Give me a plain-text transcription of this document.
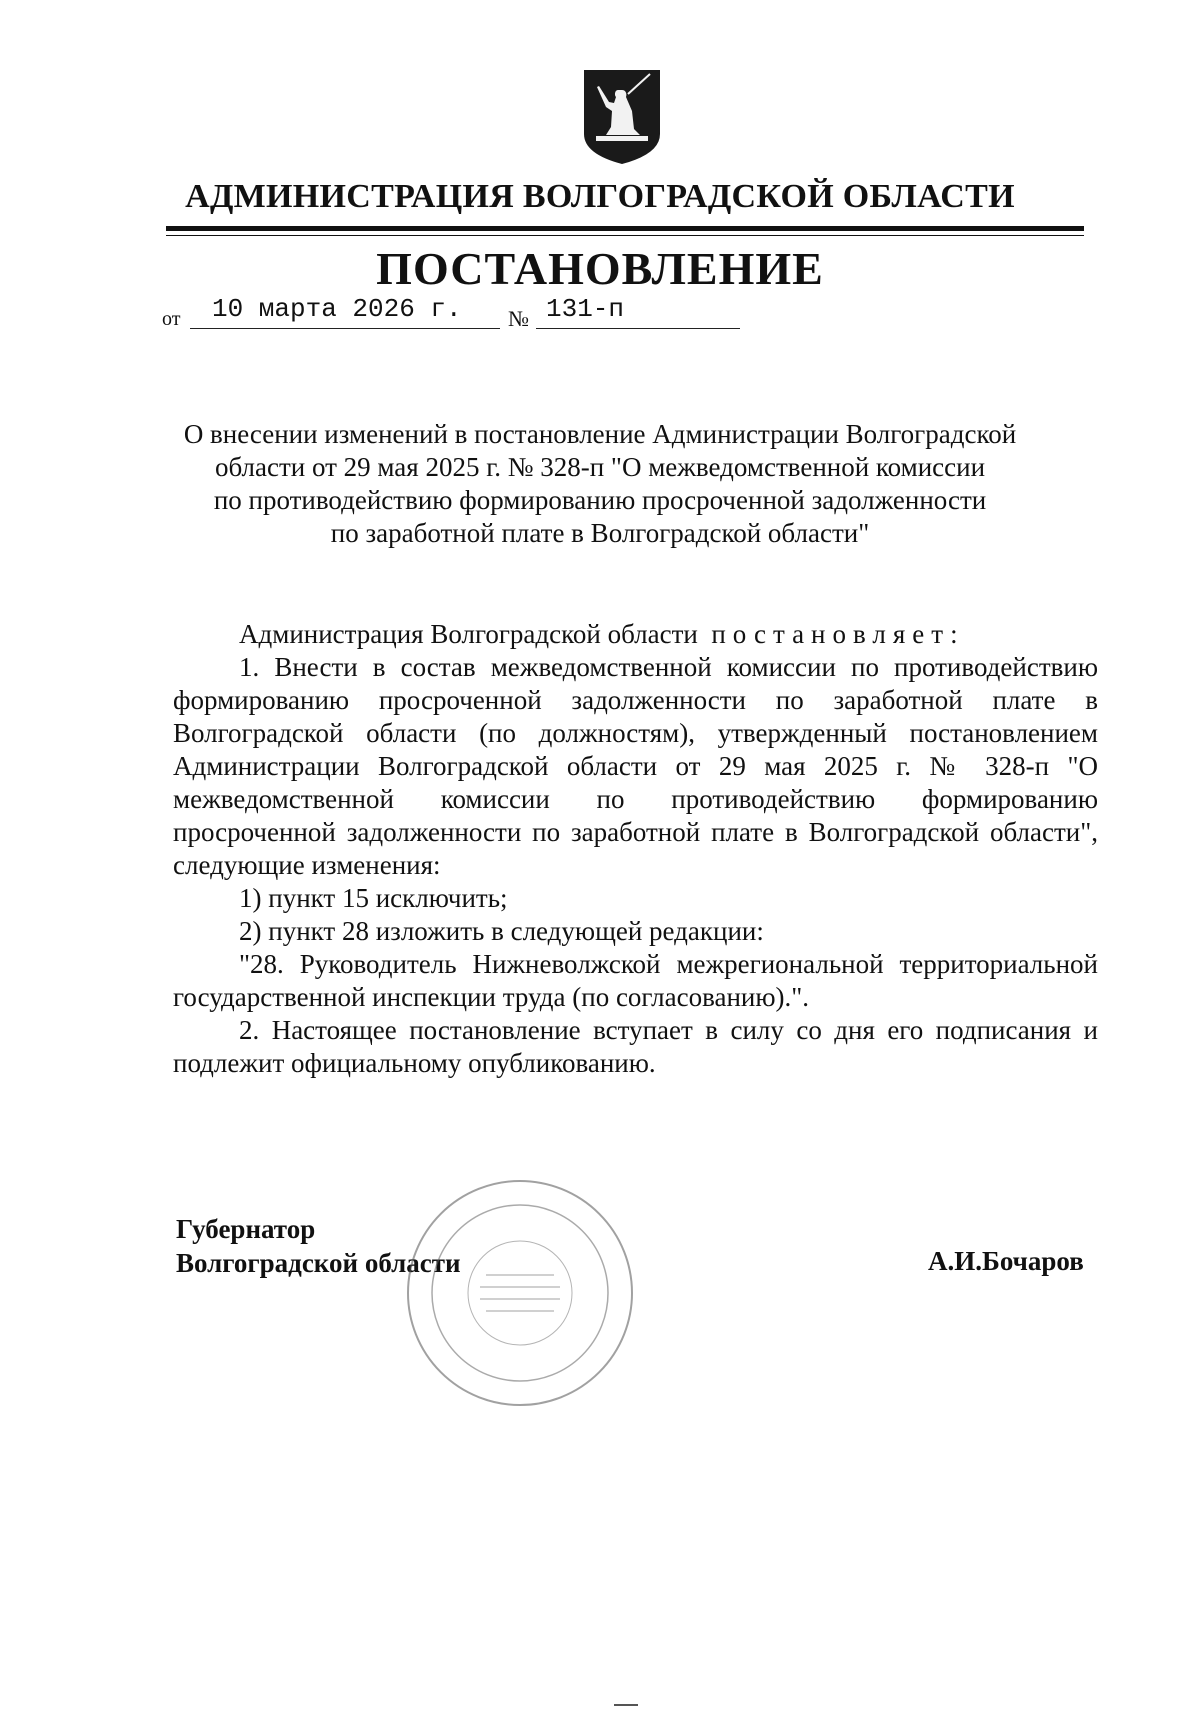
АДМИНИСТРАЦИЯ ВОЛГОГРАДСКОЙ ОБЛАСТИ
ПОСТАНОВЛЕНИЕ
от 10 марта 2026 г. № 131-п
О внесении изменений в постановление Администрации Волгоградской
области от 29 мая 2025 г. № 328-п "О межведомственной комиссии
по противодействию формированию просроченной задолженности
по заработной плате в Волгоградской области"

Администрация Волгоградской области постановляет:

1. Внести в состав межведомственной комиссии по противодействию формированию просроченной задолженности по заработной плате в Волгоградской области (по должностям), утвержденный постановлением Администрации Волгоградской области от 29 мая 2025 г. № 328-п "О межведомственной комиссии по противодействию формированию просроченной задолженности по заработной плате в Волгоградской области", следующие изменения:

1) пункт 15 исключить;

2) пункт 28 изложить в следующей редакции:

"28. Руководитель Нижневолжской межрегиональной территориальной государственной инспекции труда (по согласованию).".

2. Настоящее постановление вступает в силу со дня его подписания и подлежит официальному опубликованию.

Губернатор
Волгоградской области	А.И.Бочаров
